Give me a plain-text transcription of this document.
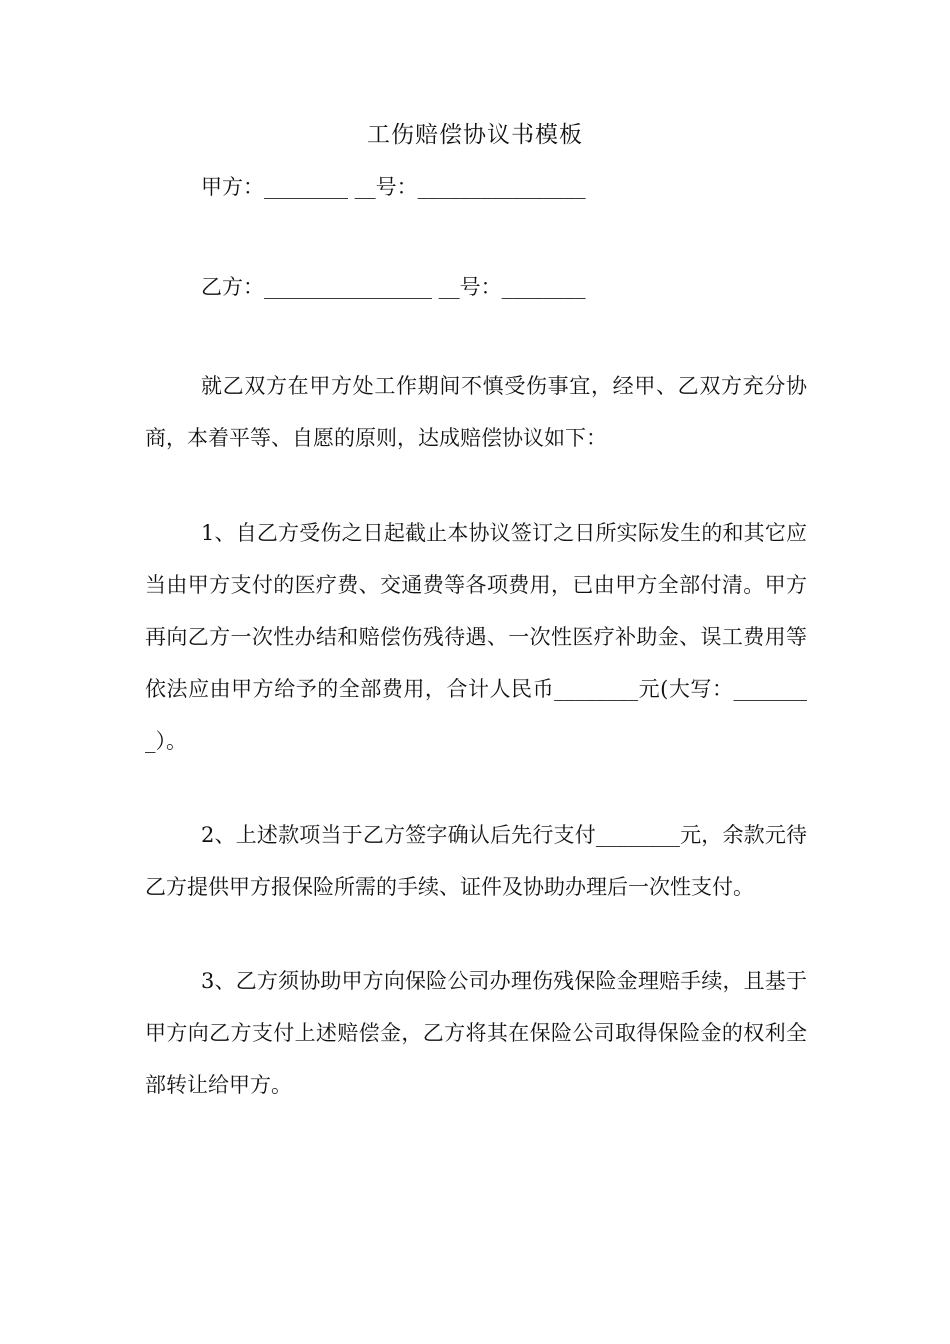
工伤赔偿协议书模板
甲方：________ __号：________________
乙方：________________ __号：________

就乙双方在甲方处工作期间不慎受伤事宜，经甲、乙双方充分协商，本着平等、自愿的原则，达成赔偿协议如下：

1、自乙方受伤之日起截止本协议签订之日所实际发生的和其它应当由甲方支付的医疗费、交通费等各项费用，已由甲方全部付清。甲方再向乙方一次性办结和赔偿伤残待遇、一次性医疗补助金、误工费用等依法应由甲方给予的全部费用，合计人民币________元(大写：________）。

2、上述款项当于乙方签字确认后先行支付________元，余款元待乙方提供甲方报保险所需的手续、证件及协助办理后一次性支付。

3、乙方须协助甲方向保险公司办理伤残保险金理赔手续，且基于甲方向乙方支付上述赔偿金，乙方将其在保险公司取得保险金的权利全部转让给甲方。
